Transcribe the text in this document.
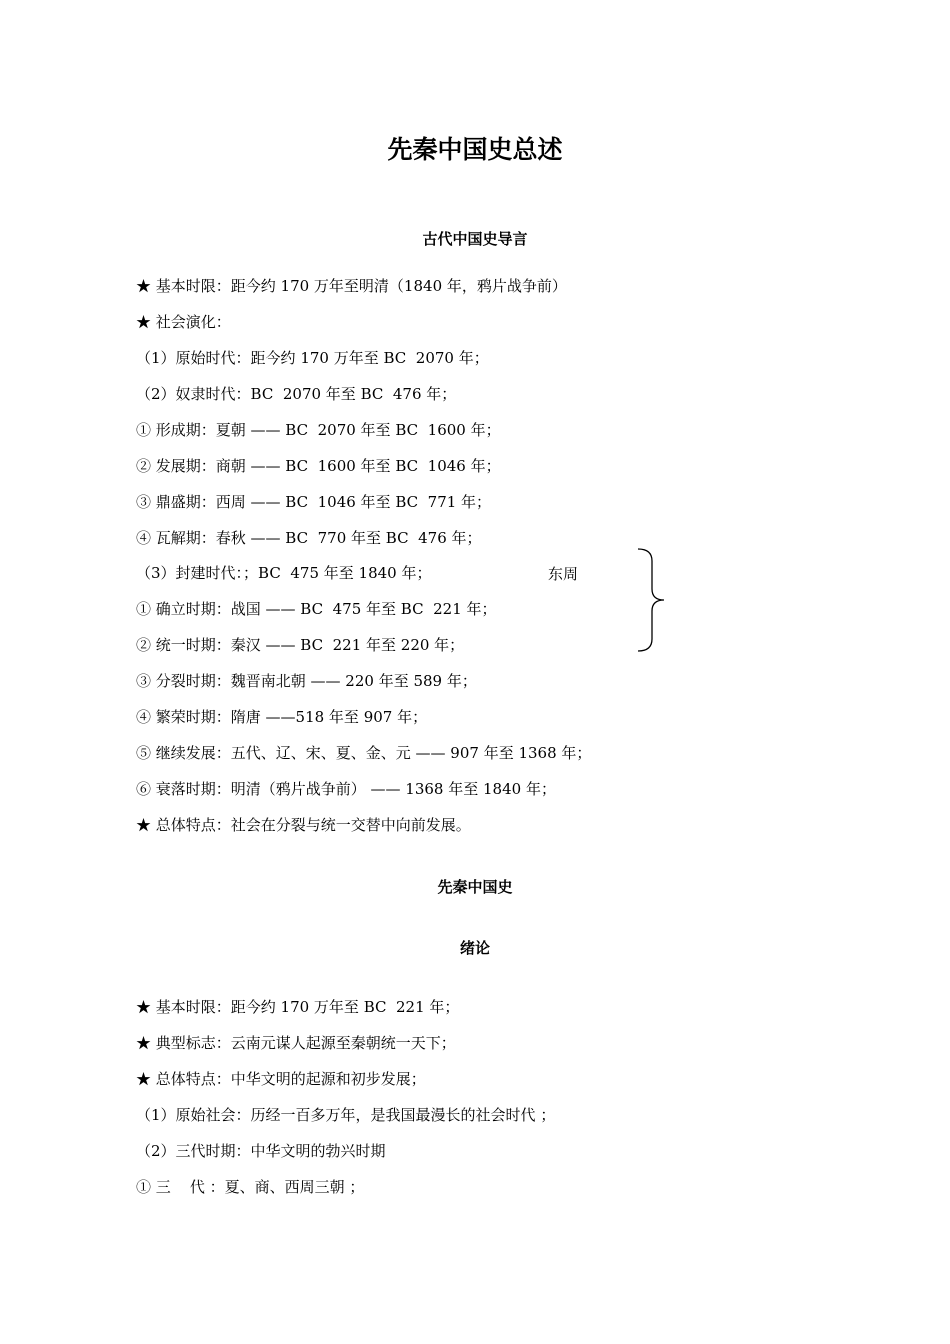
先秦中国史总述
古代中国史导言
★ 基本时限：距今约 170 万年至明清（1840 年，鸦片战争前）
★ 社会演化：
（1）原始时代：距今约 170 万年至 BC  2070 年；
（2）奴隶时代：BC  2070 年至 BC  476 年；
① 形成期：夏朝 —— BC  2070 年至 BC  1600 年；
② 发展期：商朝 —— BC  1600 年至 BC  1046 年；
③ 鼎盛期：西周 —— BC  1046 年至 BC  771 年；
④ 瓦解期：春秋 —— BC  770 年至 BC  476 年；
（3）封建时代：；BC  475 年至 1840 年；
① 确立时期：战国 —— BC  475 年至 BC  221 年；
② 统一时期：秦汉 —— BC  221 年至 220 年；
③ 分裂时期：魏晋南北朝 —— 220 年至 589 年；
④ 繁荣时期：隋唐 ——518 年至 907 年；
⑤ 继续发展：五代、辽、宋、夏、金、元 —— 907 年至 1368 年；
⑥ 衰落时期：明清（鸦片战争前） —— 1368 年至 1840 年；
★ 总体特点：社会在分裂与统一交替中向前发展。
东周
先秦中国史
绪论
★ 基本时限：距今约 170 万年至 BC  221 年；
★ 典型标志：云南元谋人起源至秦朝统一天下；
★ 总体特点：中华文明的起源和初步发展；
（1）原始社会：历经一百多万年，是我国最漫长的社会时代 ；
（2）三代时期：中华文明的勃兴时期
① 三    代 ：夏、商、西周三朝 ；
